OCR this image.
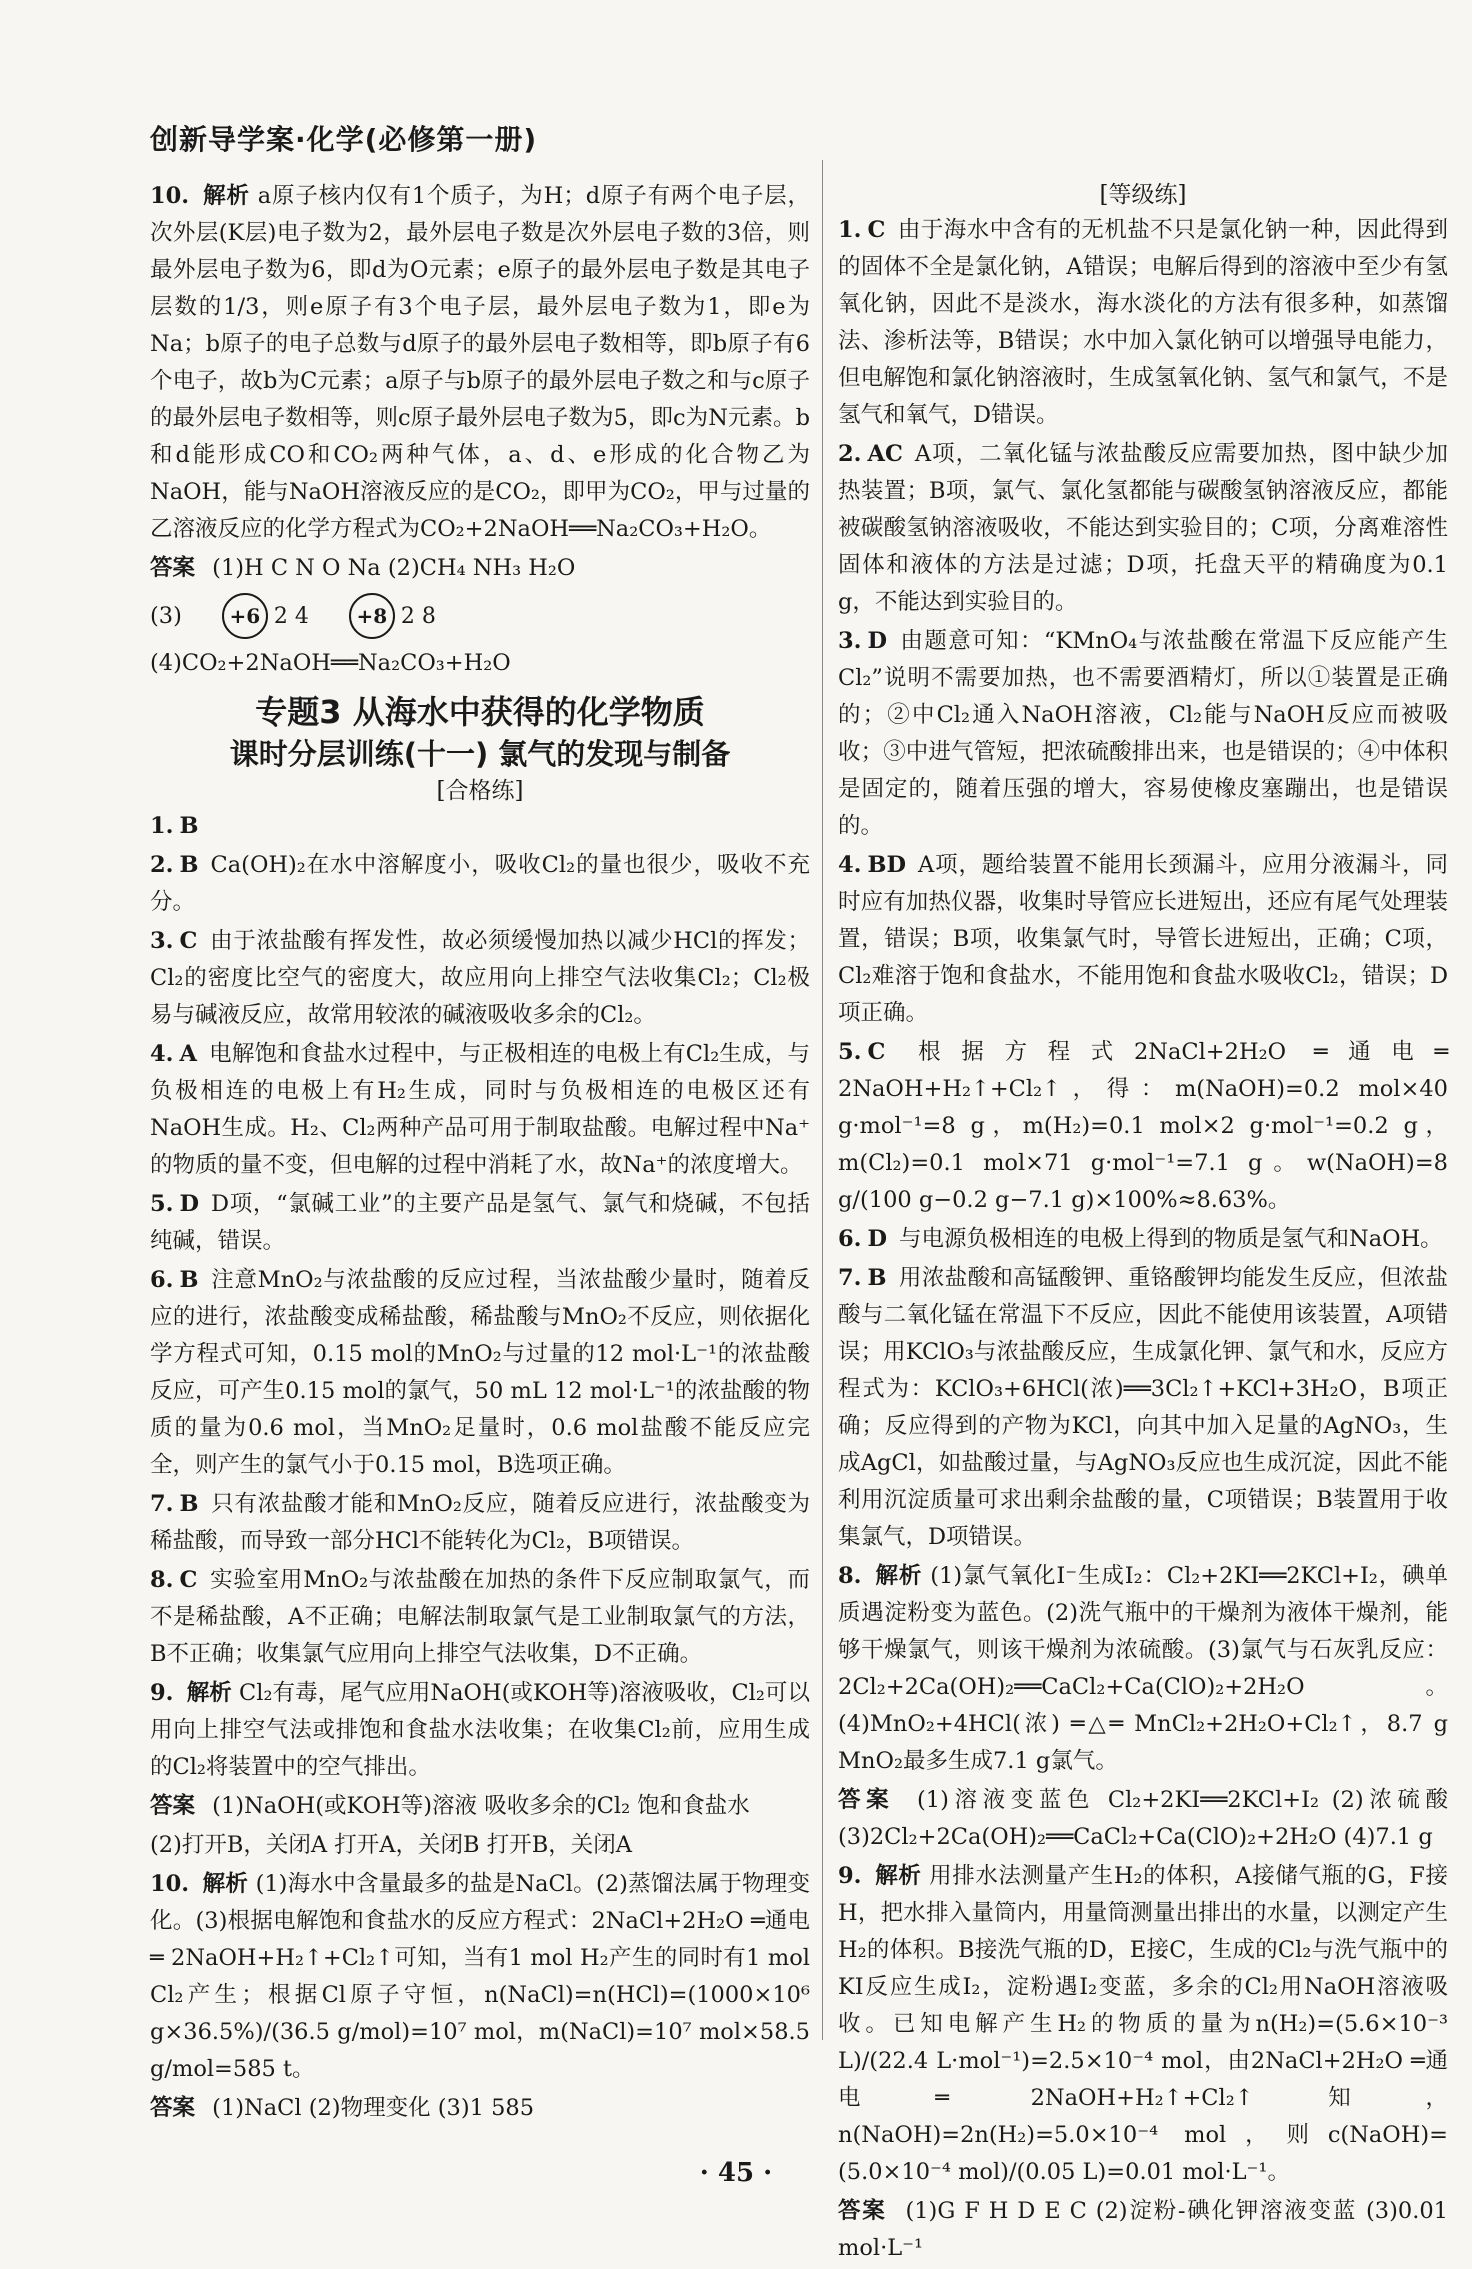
创新导学案·化学(必修第一册)
10. 解析 a原子核内仅有1个质子，为H；d原子有两个电子层，次外层(K层)电子数为2，最外层电子数是次外层电子数的3倍，则最外层电子数为6，即d为O元素；e原子的最外层电子数是其电子层数的1/3，则e原子有3个电子层，最外层电子数为1，即e为Na；b原子的电子总数与d原子的最外层电子数相等，即b原子有6个电子，故b为C元素；a原子与b原子的最外层电子数之和与c原子的最外层电子数相等，则c原子最外层电子数为5，即c为N元素。b和d能形成CO和CO₂两种气体，a、d、e形成的化合物乙为NaOH，能与NaOH溶液反应的是CO₂，即甲为CO₂，甲与过量的乙溶液反应的化学方程式为CO₂+2NaOH══Na₂CO₃+H₂O。
答案 (1)H C N O Na (2)CH₄ NH₃ H₂O
(3)	+6 2 4	+8 2 8
(4)CO₂+2NaOH══Na₂CO₃+H₂O
专题3 从海水中获得的化学物质
课时分层训练(十一) 氯气的发现与制备
[合格练]
1. B
2. B Ca(OH)₂在水中溶解度小，吸收Cl₂的量也很少，吸收不充分。
3. C 由于浓盐酸有挥发性，故必须缓慢加热以减少HCl的挥发；Cl₂的密度比空气的密度大，故应用向上排空气法收集Cl₂；Cl₂极易与碱液反应，故常用较浓的碱液吸收多余的Cl₂。
4. A 电解饱和食盐水过程中，与正极相连的电极上有Cl₂生成，与负极相连的电极上有H₂生成，同时与负极相连的电极区还有NaOH生成。H₂、Cl₂两种产品可用于制取盐酸。电解过程中Na⁺的物质的量不变，但电解的过程中消耗了水，故Na⁺的浓度增大。
5. D D项，“氯碱工业”的主要产品是氢气、氯气和烧碱，不包括纯碱，错误。
6. B 注意MnO₂与浓盐酸的反应过程，当浓盐酸少量时，随着反应的进行，浓盐酸变成稀盐酸，稀盐酸与MnO₂不反应，则依据化学方程式可知，0.15 mol的MnO₂与过量的12 mol·L⁻¹的浓盐酸反应，可产生0.15 mol的氯气，50 mL 12 mol·L⁻¹的浓盐酸的物质的量为0.6 mol，当MnO₂足量时，0.6 mol盐酸不能反应完全，则产生的氯气小于0.15 mol，B选项正确。
7. B 只有浓盐酸才能和MnO₂反应，随着反应进行，浓盐酸变为稀盐酸，而导致一部分HCl不能转化为Cl₂，B项错误。
8. C 实验室用MnO₂与浓盐酸在加热的条件下反应制取氯气，而不是稀盐酸，A不正确；电解法制取氯气是工业制取氯气的方法，B不正确；收集氯气应用向上排空气法收集，D不正确。
9. 解析 Cl₂有毒，尾气应用NaOH(或KOH等)溶液吸收，Cl₂可以用向上排空气法或排饱和食盐水法收集；在收集Cl₂前，应用生成的Cl₂将装置中的空气排出。
答案 (1)NaOH(或KOH等)溶液 吸收多余的Cl₂ 饱和食盐水
(2)打开B，关闭A 打开A，关闭B 打开B，关闭A
10. 解析 (1)海水中含量最多的盐是NaCl。(2)蒸馏法属于物理变化。(3)根据电解饱和食盐水的反应方程式：2NaCl+2H₂O ═通电═ 2NaOH+H₂↑+Cl₂↑可知，当有1 mol H₂产生的同时有1 mol Cl₂产生；根据Cl原子守恒，n(NaCl)=n(HCl)=(1000×10⁶ g×36.5%)/(36.5 g/mol)=10⁷ mol，m(NaCl)=10⁷ mol×58.5 g/mol=585 t。
答案 (1)NaCl (2)物理变化 (3)1 585
[等级练]
1. C 由于海水中含有的无机盐不只是氯化钠一种，因此得到的固体不全是氯化钠，A错误；电解后得到的溶液中至少有氢氧化钠，因此不是淡水，海水淡化的方法有很多种，如蒸馏法、渗析法等，B错误；水中加入氯化钠可以增强导电能力，但电解饱和氯化钠溶液时，生成氢氧化钠、氢气和氯气，不是氢气和氧气，D错误。
2. AC A项，二氧化锰与浓盐酸反应需要加热，图中缺少加热装置；B项，氯气、氯化氢都能与碳酸氢钠溶液反应，都能被碳酸氢钠溶液吸收，不能达到实验目的；C项，分离难溶性固体和液体的方法是过滤；D项，托盘天平的精确度为0.1 g，不能达到实验目的。
3. D 由题意可知：“KMnO₄与浓盐酸在常温下反应能产生Cl₂”说明不需要加热，也不需要酒精灯，所以①装置是正确的；②中Cl₂通入NaOH溶液，Cl₂能与NaOH反应而被吸收；③中进气管短，把浓硫酸排出来，也是错误的；④中体积是固定的，随着压强的增大，容易使橡皮塞蹦出，也是错误的。
4. BD A项，题给装置不能用长颈漏斗，应用分液漏斗，同时应有加热仪器，收集时导管应长进短出，还应有尾气处理装置，错误；B项，收集氯气时，导管长进短出，正确；C项，Cl₂难溶于饱和食盐水，不能用饱和食盐水吸收Cl₂，错误；D项正确。
5. C 根据方程式2NaCl+2H₂O ═通电═ 2NaOH+H₂↑+Cl₂↑，得：m(NaOH)=0.2 mol×40 g·mol⁻¹=8 g，m(H₂)=0.1 mol×2 g·mol⁻¹=0.2 g，m(Cl₂)=0.1 mol×71 g·mol⁻¹=7.1 g。w(NaOH)=8 g/(100 g−0.2 g−7.1 g)×100%≈8.63%。
6. D 与电源负极相连的电极上得到的物质是氢气和NaOH。
7. B 用浓盐酸和高锰酸钾、重铬酸钾均能发生反应，但浓盐酸与二氧化锰在常温下不反应，因此不能使用该装置，A项错误；用KClO₃与浓盐酸反应，生成氯化钾、氯气和水，反应方程式为：KClO₃+6HCl(浓)══3Cl₂↑+KCl+3H₂O，B项正确；反应得到的产物为KCl，向其中加入足量的AgNO₃，生成AgCl，如盐酸过量，与AgNO₃反应也生成沉淀，因此不能利用沉淀质量可求出剩余盐酸的量，C项错误；B装置用于收集氯气，D项错误。
8. 解析 (1)氯气氧化I⁻生成I₂：Cl₂+2KI══2KCl+I₂，碘单质遇淀粉变为蓝色。(2)洗气瓶中的干燥剂为液体干燥剂，能够干燥氯气，则该干燥剂为浓硫酸。(3)氯气与石灰乳反应：2Cl₂+2Ca(OH)₂══CaCl₂+Ca(ClO)₂+2H₂O。(4)MnO₂+4HCl(浓) ═△═ MnCl₂+2H₂O+Cl₂↑，8.7 g MnO₂最多生成7.1 g氯气。
答案 (1)溶液变蓝色 Cl₂+2KI══2KCl+I₂ (2)浓硫酸 (3)2Cl₂+2Ca(OH)₂══CaCl₂+Ca(ClO)₂+2H₂O (4)7.1 g
9. 解析 用排水法测量产生H₂的体积，A接储气瓶的G，F接H，把水排入量筒内，用量筒测量出排出的水量，以测定产生H₂的体积。B接洗气瓶的D，E接C，生成的Cl₂与洗气瓶中的KI反应生成I₂，淀粉遇I₂变蓝，多余的Cl₂用NaOH溶液吸收。已知电解产生H₂的物质的量为n(H₂)=(5.6×10⁻³ L)/(22.4 L·mol⁻¹)=2.5×10⁻⁴ mol，由2NaCl+2H₂O ═通电═ 2NaOH+H₂↑+Cl₂↑知，n(NaOH)=2n(H₂)=5.0×10⁻⁴ mol，则c(NaOH)=(5.0×10⁻⁴ mol)/(0.05 L)=0.01 mol·L⁻¹。
答案 (1)G F H D E C (2)淀粉-碘化钾溶液变蓝 (3)0.01 mol·L⁻¹
· 45 ·
